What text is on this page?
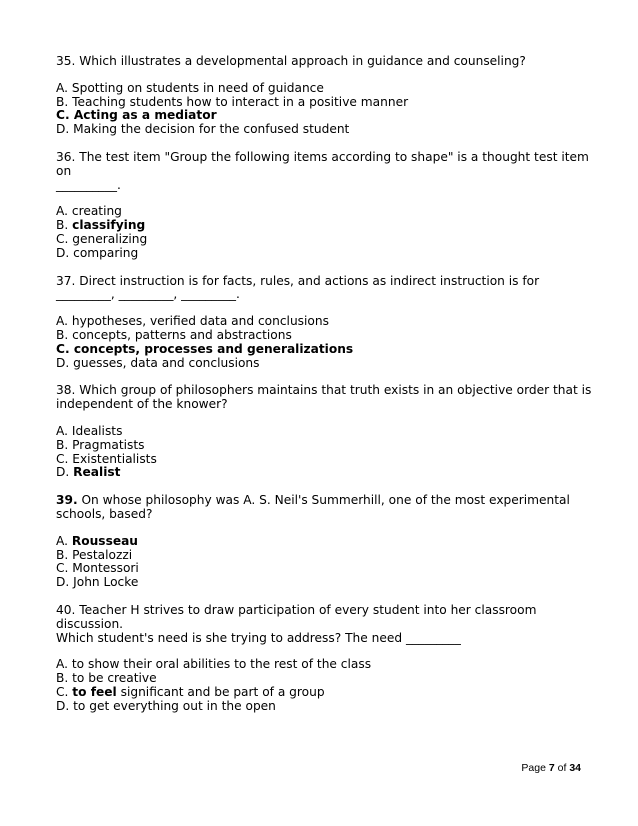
35. Which illustrates a developmental approach in guidance and counseling?
A. Spotting on students in need of guidance
B. Teaching students how to interact in a positive manner
C. Acting as a mediator
D. Making the decision for the confused student
36. The test item "Group the following items according to shape" is a thought test item on
__________.
A. creating
B. classifying
C. generalizing
D. comparing
37. Direct instruction is for facts, rules, and actions as indirect instruction is for
_________, _________, _________.
A. hypotheses, verified data and conclusions
B. concepts, patterns and abstractions
C. concepts, processes and generalizations
D. guesses, data and conclusions
38. Which group of philosophers maintains that truth exists in an objective order that is
independent of the knower?
A. Idealists
B. Pragmatists
C. Existentialists
D. Realist
39. On whose philosophy was A. S. Neil's Summerhill, one of the most experimental
schools, based?
A. Rousseau
B. Pestalozzi
C. Montessori
D. John Locke
40. Teacher H strives to draw participation of every student into her classroom discussion.
Which student's need is she trying to address? The need _________
A. to show their oral abilities to the rest of the class
B. to be creative
C. to feel significant and be part of a group
D. to get everything out in the open
Page 7 of 34
